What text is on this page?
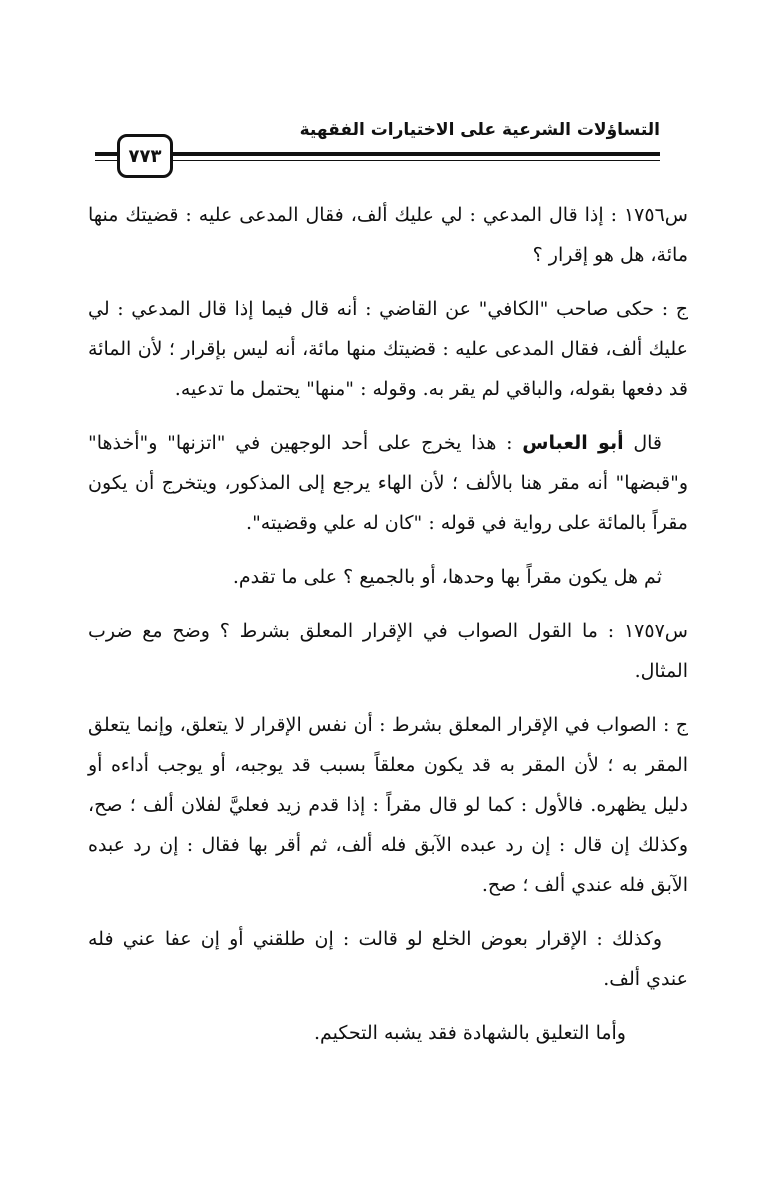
التساؤلات الشرعية على الاختيارات الفقهية
٧٧٣

س١٧٥٦ : إذا قال المدعي : لي عليك ألف، فقال المدعى عليه : قضيتك منها مائة، هل هو إقرار ؟

ج : حكى صاحب "الكافي" عن القاضي : أنه قال فيما إذا قال المدعي : لي عليك ألف، فقال المدعى عليه : قضيتك منها مائة، أنه ليس بإقرار ؛ لأن المائة قد دفعها بقوله، والباقي لم يقر به. وقوله : "منها" يحتمل ما تدعيه.

قال أبو العباس : هذا يخرج على أحد الوجهين في "اتزنها" و"أخذها" و"قبضها" أنه مقر هنا بالألف ؛ لأن الهاء يرجع إلى المذكور، ويتخرج أن يكون مقراً بالمائة على رواية في قوله : "كان له علي وقضيته".

ثم هل يكون مقراً بها وحدها، أو بالجميع ؟ على ما تقدم.

س١٧٥٧ : ما القول الصواب في الإقرار المعلق بشرط ؟ وضح مع ضرب المثال.

ج : الصواب في الإقرار المعلق بشرط : أن نفس الإقرار لا يتعلق، وإنما يتعلق المقر به ؛ لأن المقر به قد يكون معلقاً بسبب قد يوجبه، أو يوجب أداءه أو دليل يظهره. فالأول : كما لو قال مقراً : إذا قدم زيد فعليَّ لفلان ألف ؛ صح، وكذلك إن قال : إن رد عبده الآبق فله ألف، ثم أقر بها فقال : إن رد عبده الآبق فله عندي ألف ؛ صح.

وكذلك : الإقرار بعوض الخلع لو قالت : إن طلقني أو إن عفا عني فله عندي ألف.

وأما التعليق بالشهادة فقد يشبه التحكيم.
